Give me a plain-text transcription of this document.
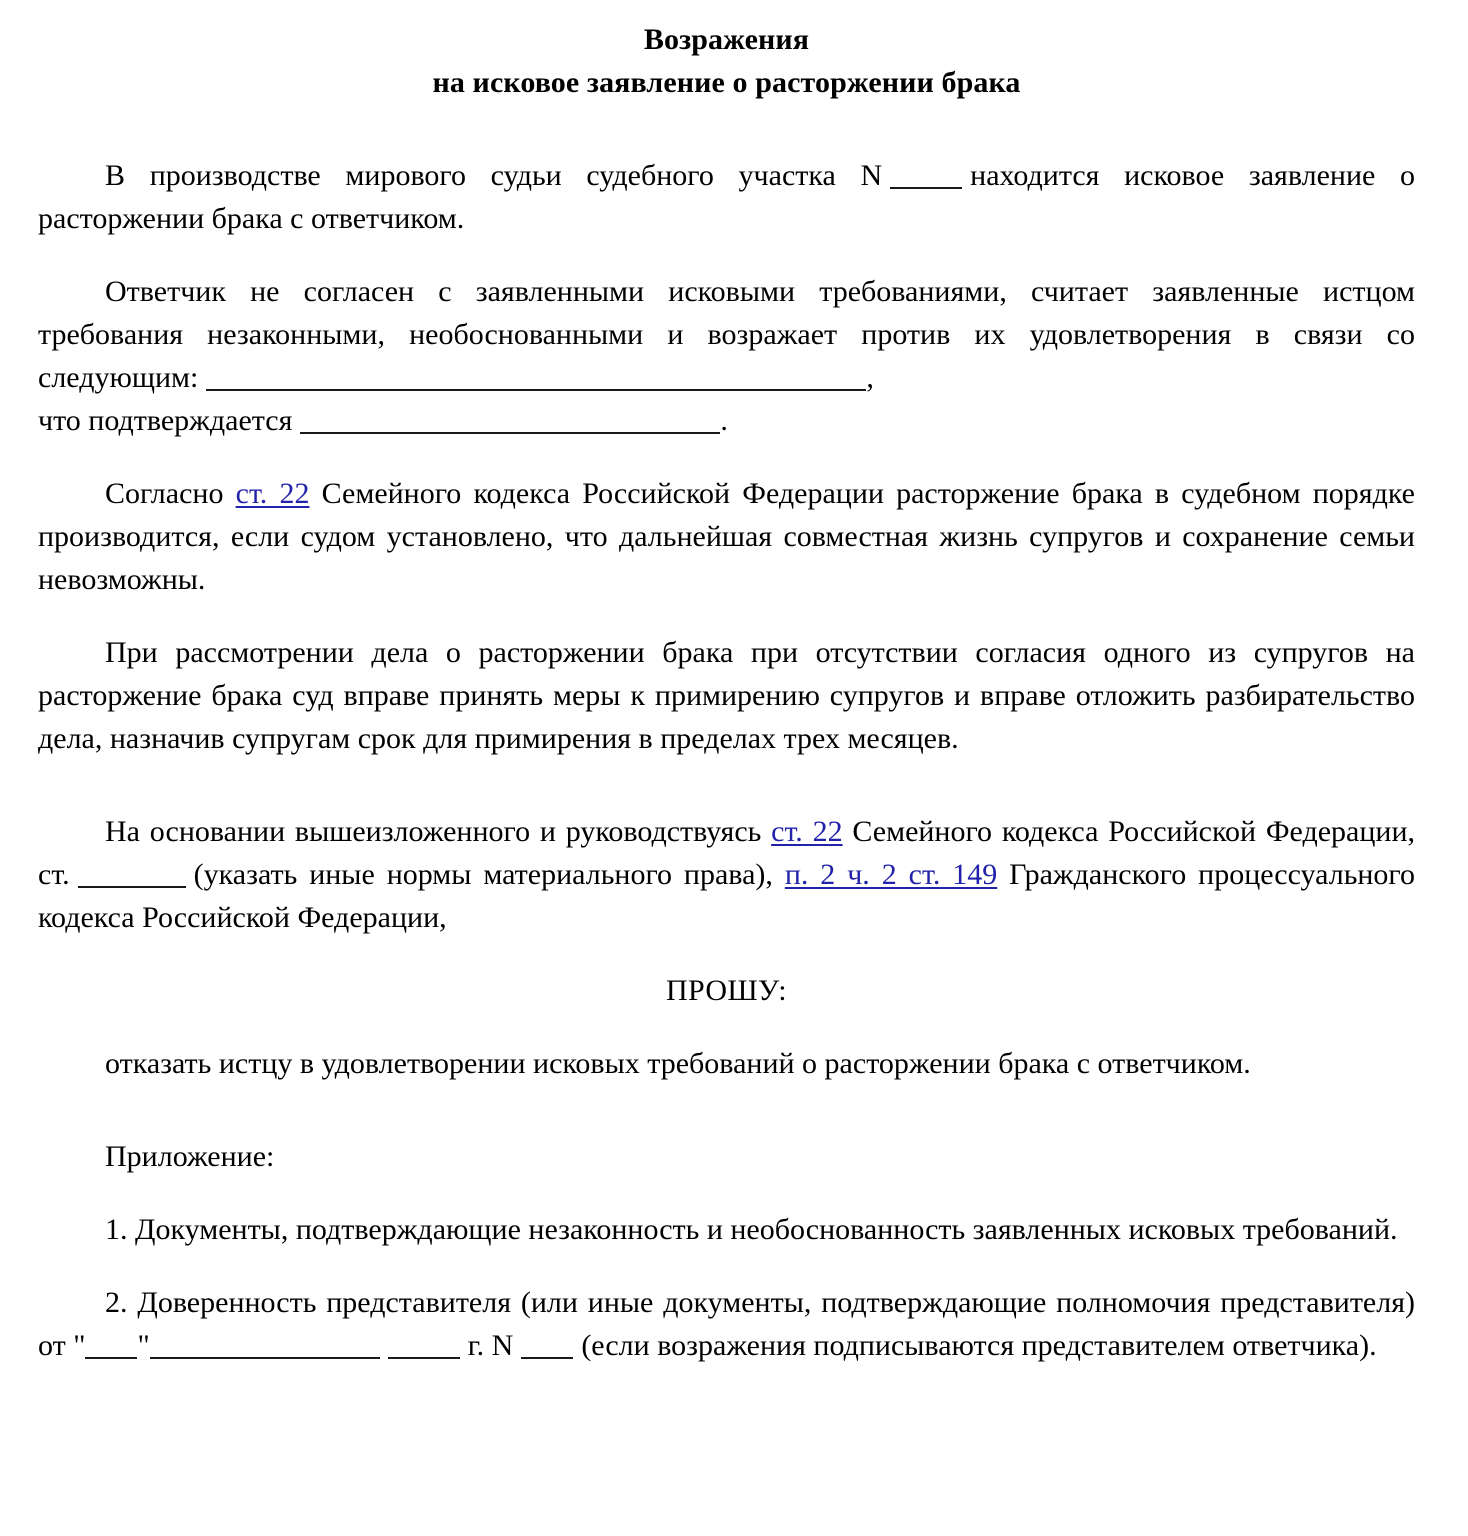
Возражения
на исковое заявление о расторжении брака

В производстве мирового судьи судебного участка N	находится исковое заявление о расторжении брака с ответчиком.

Ответчик не согласен с заявленными исковыми требованиями, считает заявленные истцом требования незаконными, необоснованными и возражает против их удовлетворения в связи со следующим:	,

что подтверждается	.

Согласно ст. 22 Семейного кодекса Российской Федерации расторжение брака в судебном порядке производится, если судом установлено, что дальнейшая совместная жизнь супругов и сохранение семьи невозможны.

При рассмотрении дела о расторжении брака при отсутствии согласия одного из супругов на расторжение брака суд вправе принять меры к примирению супругов и вправе отложить разбирательство дела, назначив супругам срок для примирения в пределах трех месяцев.

На основании вышеизложенного и руководствуясь ст. 22 Семейного кодекса Российской Федерации, ст.	(указать иные нормы материального права), п. 2 ч. 2 ст. 149 Гражданского процессуального кодекса Российской Федерации,

ПРОШУ:

отказать истцу в удовлетворении исковых требований о расторжении брака с ответчиком.

Приложение:

1. Документы, подтверждающие незаконность и необоснованность заявленных исковых требований.

2. Доверенность представителя (или иные документы, подтверждающие полномочия представителя) от " "	г. N (если возражения подписываются представителем ответчика).
